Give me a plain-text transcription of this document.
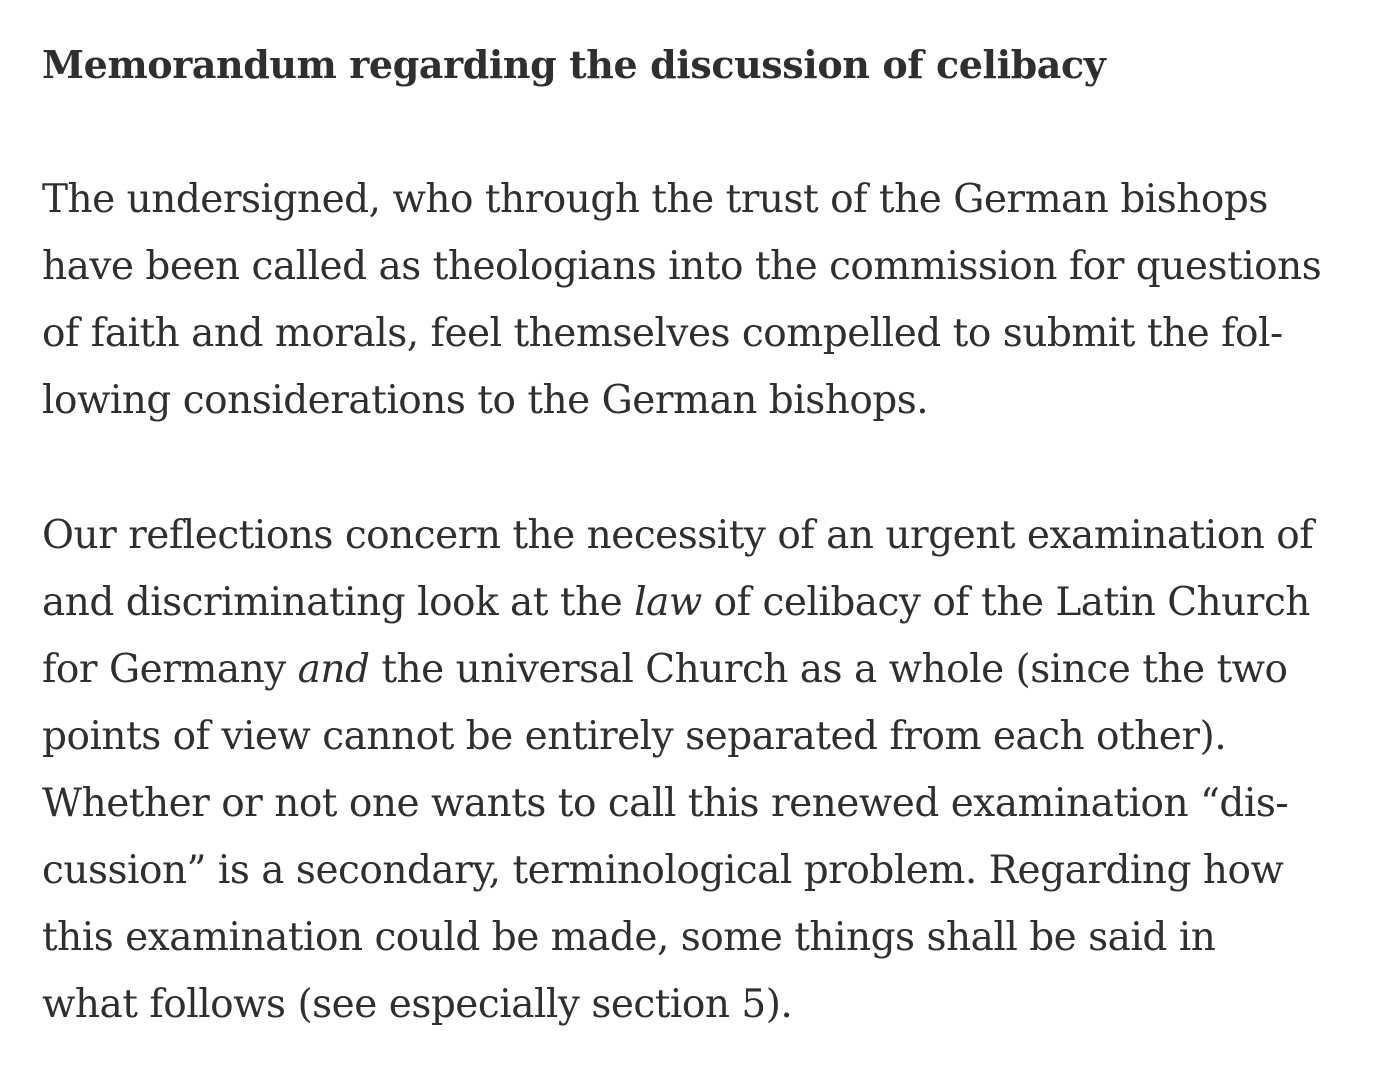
Memorandum regarding the discussion of celibacy

The undersigned, who through the trust of the German bishops
have been called as theologians into the commission for questions
of faith and morals, feel themselves compelled to submit the fol-
lowing considerations to the German bishops.

Our reflections concern the necessity of an urgent examination of
and discriminating look at the law of celibacy of the Latin Church
for Germany and the universal Church as a whole (since the two
points of view cannot be entirely separated from each other).
Whether or not one wants to call this renewed examination “dis-
cussion” is a secondary, terminological problem. Regarding how
this examination could be made, some things shall be said in
what follows (see especially section 5).
